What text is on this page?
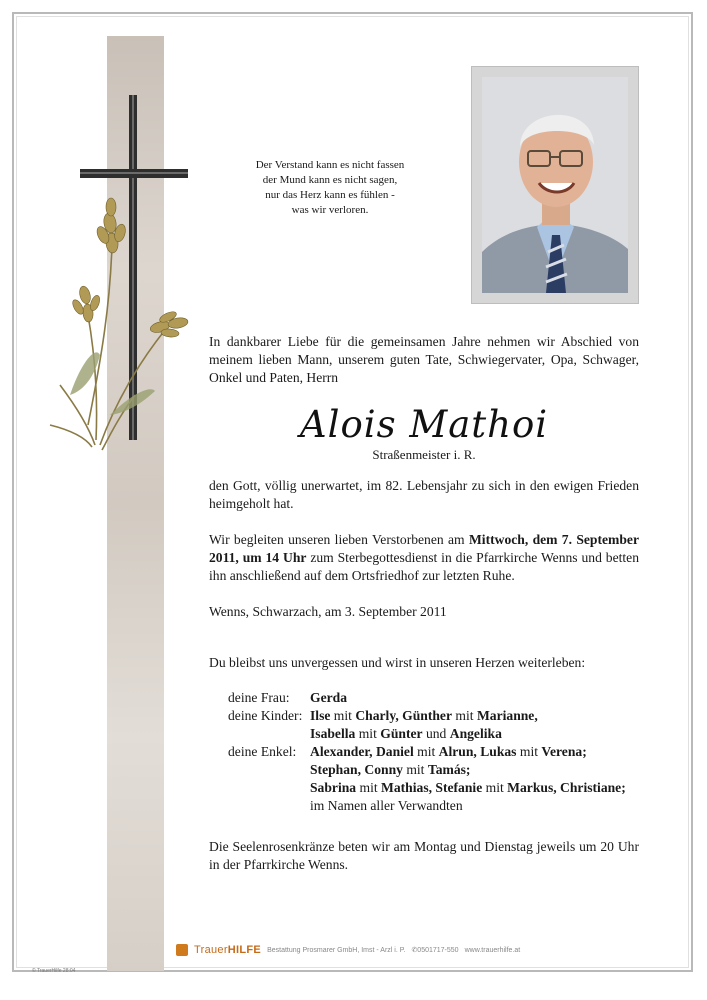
Der Verstand kann es nicht fassen
der Mund kann es nicht sagen,
nur das Herz kann es fühlen -
was wir verloren.
In dankbarer Liebe für die gemeinsamen Jahre nehmen wir Abschied von meinem lieben Mann, unserem guten Tate, Schwiegervater, Opa, Schwager, Onkel und Paten, Herrn
Alois Mathoi
Straßenmeister i. R.
den Gott, völlig unerwartet, im 82. Lebensjahr zu sich in den ewigen Frieden heimgeholt hat.
Wir begleiten unseren lieben Verstorbenen am Mittwoch, dem 7. September 2011, um 14 Uhr zum Sterbegottesdienst in die Pfarrkirche Wenns und betten ihn anschließend auf dem Ortsfriedhof zur letzten Ruhe.
Wenns, Schwarzach, am 3. September 2011
Du bleibst uns unvergessen und wirst in unseren Herzen weiterleben:
deine Frau:	Gerda
deine Kinder: Ilse mit Charly, Günther mit Marianne,
Isabella mit Günter und Angelika
deine Enkel:	Alexander, Daniel mit Alrun, Lukas mit Verena;
Stephan, Conny mit Tamás;
Sabrina mit Mathias, Stefanie mit Markus, Christiane;
im Namen aller Verwandten
Die Seelenrosenkränze beten wir am Montag und Dienstag jeweils um 20 Uhr in der Pfarrkirche Wenns.
TrauerHILFE Bestattung Prosmarer GmbH, Imst - Arzl i. P. ✆0501717-550 www.trauerhilfe.at
© TrauerHilfe 28:04
